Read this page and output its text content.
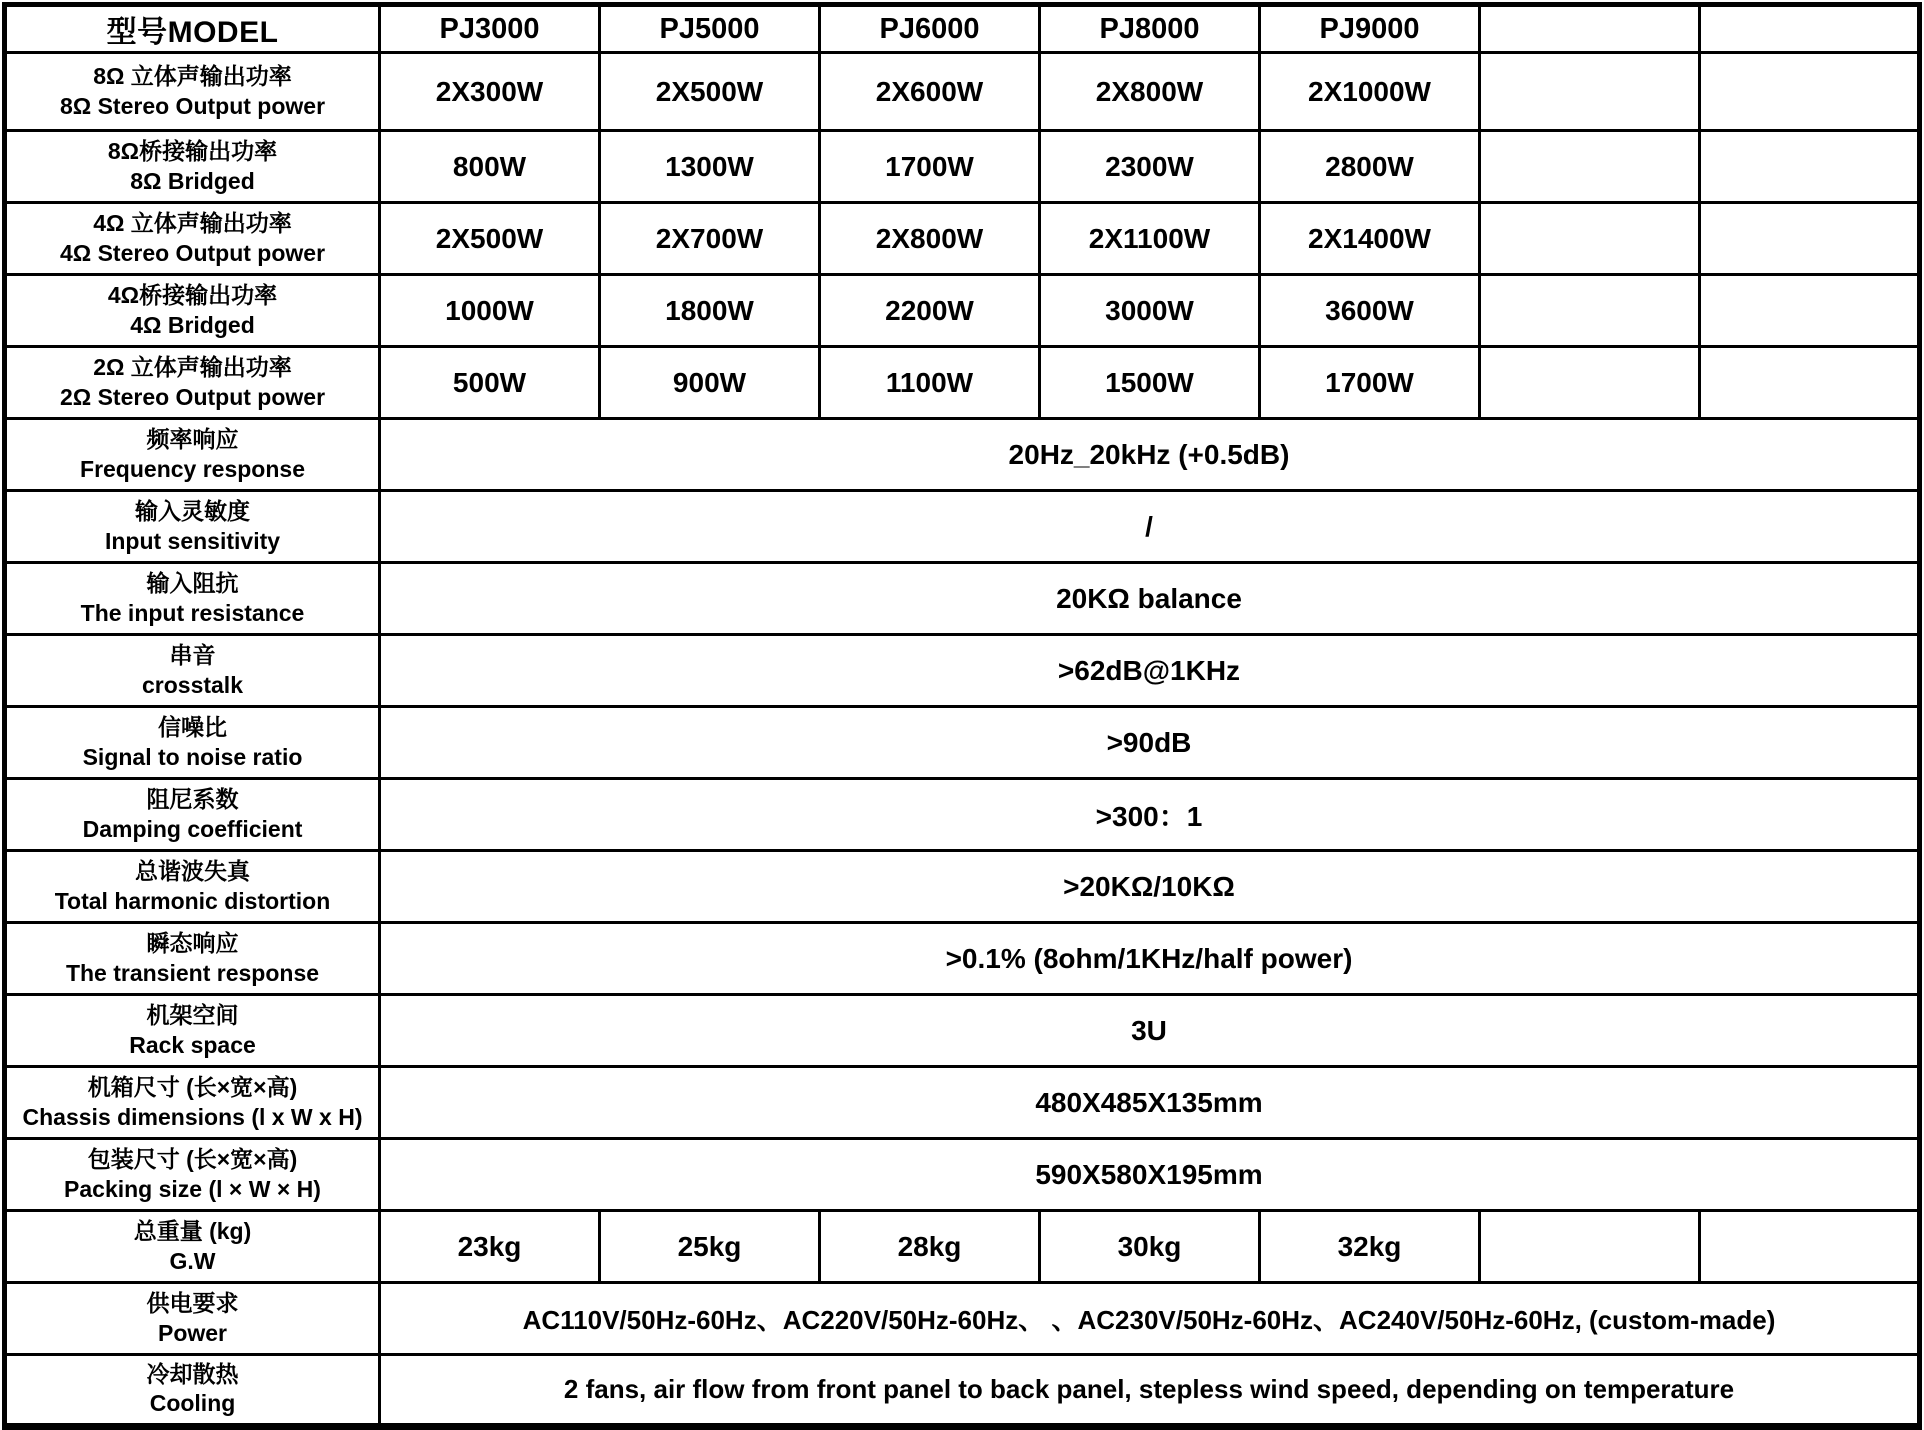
型号MODEL	PJ3000	PJ5000	PJ6000	PJ8000	PJ9000		

8Ω 立体声输出功率
8Ω Stereo Output power	2X300W	2X500W	2X600W	2X800W	2X1000W		

8Ω桥接输出功率
8Ω Bridged	800W	1300W	1700W	2300W	2800W		

4Ω 立体声输出功率
4Ω Stereo Output power	2X500W	2X700W	2X800W	2X1100W	2X1400W		

4Ω桥接输出功率
4Ω Bridged	1000W	1800W	2200W	3000W	3600W		

2Ω 立体声输出功率
2Ω Stereo Output power	500W	900W	1100W	1500W	1700W		

频率响应
Frequency response	20Hz_20kHz (+0.5dB)						

输入灵敏度
Input sensitivity	/						

输入阻抗
The input resistance	20KΩ balance						

串音
crosstalk	>62dB@1KHz						

信噪比
Signal to noise ratio	>90dB						

阻尼系数
Damping coefficient	>300：1						

总谐波失真
Total harmonic distortion	>20KΩ/10KΩ						

瞬态响应
The transient response	>0.1% (8ohm/1KHz/half power)						

机架空间
Rack space	3U						

机箱尺寸 (长×宽×高)
Chassis dimensions (l x W x H)	480X485X135mm						

包装尺寸 (长×宽×高)
Packing size (l × W × H)	590X580X195mm						

总重量 (kg)
G.W	23kg	25kg	28kg	30kg	32kg		

供电要求
Power	AC110V/50Hz-60Hz、AC220V/50Hz-60Hz、 、AC230V/50Hz-60Hz、AC240V/50Hz-60Hz, (custom-made)						

冷却散热
Cooling	2 fans, air flow from front panel to back panel, stepless wind speed, depending on temperature						
